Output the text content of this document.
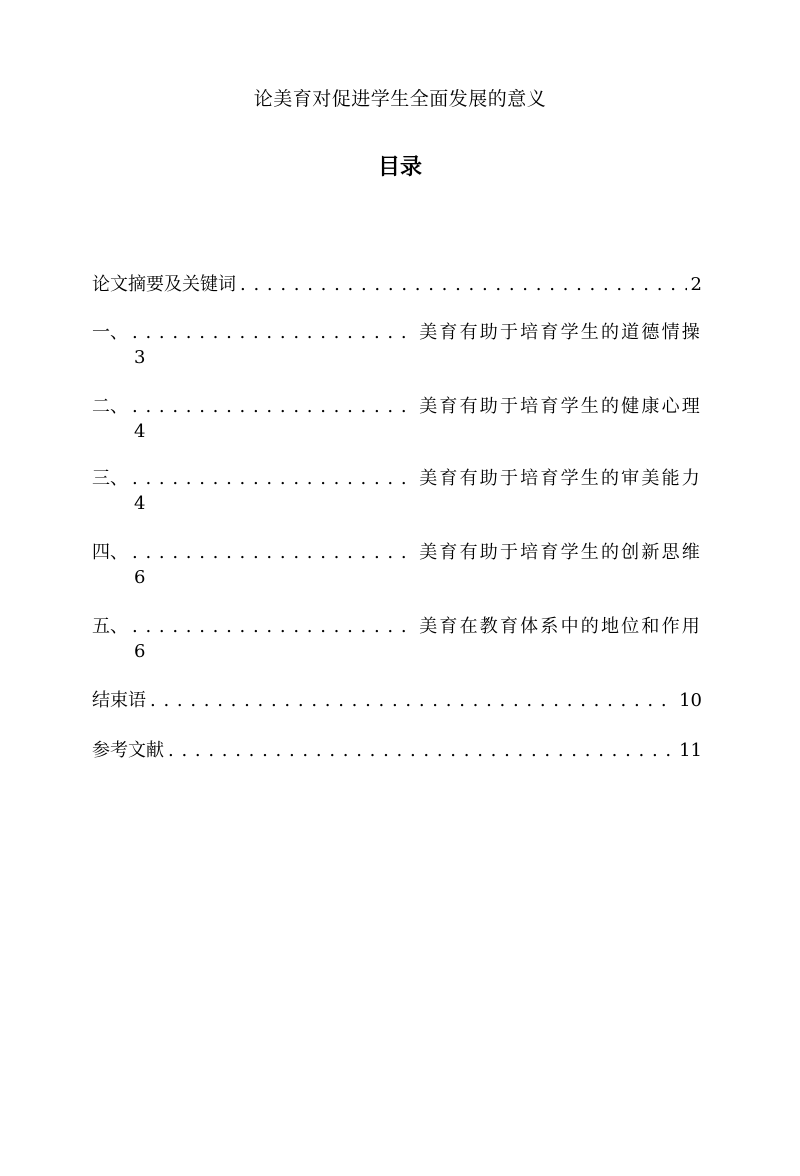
论美育对促进学生全面发展的意义
目录
论文摘要及关键词 . . .	2
一、 . . .	美育有助于培育学生的道德情操
3
二、 . . .	美育有助于培育学生的健康心理
4
三、 . . .	美育有助于培育学生的审美能力
4
四、 . . .	美育有助于培育学生的创新思维
6
五、 . . .	美育在教育体系中的地位和作用
6
结束语 . . .	10
参考文献 . . .	11
